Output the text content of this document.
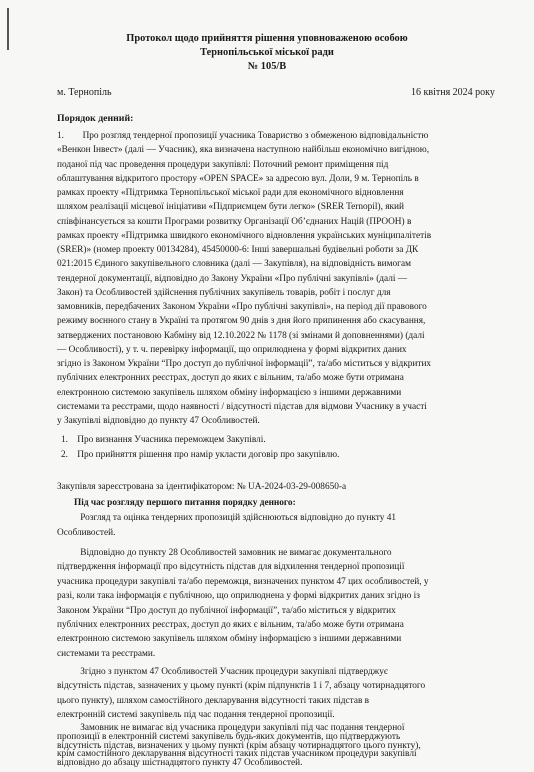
Протокол щодо прийняття рішення уповноваженою особою
Тернопільської міської ради
№ 105/В
м. Тернопіль	16 квітня 2024 року
Порядок денний:
1.        Про розгляд тендерної пропозиції учасника Товариство з обмеженою відповідальністю
«Венкон Інвест» (далі — Учасник), яка визначена наступною найбільш економічно вигідною,
поданої під час проведення процедури закупівлі: Поточний ремонт приміщення під
облаштування відкритого простору «OPEN SPACE» за адресою вул. Доли, 9 м. Тернопіль в
рамках проекту «Підтримка Тернопільської міської ради для економічного відновлення
шляхом реалізації місцевої ініціативи «Підприємцем бути легко» (SRER Ternopil), який
співфінансується за кошти Програми розвитку Організації Об’єднаних Націй (ПРООН) в
рамках проекту «Підтримка швидкого економічного відновлення українських муніципалітетів
(SRER)» (номер проекту 00134284), 45450000-6: Інші завершальні будівельні роботи за ДК
021:2015 Єдиного закупівельного словника (далі — Закупівля), на відповідність вимогам
тендерної документації, відповідно до Закону України «Про публічні закупівлі» (далі —
Закон) та Особливостей здійснення публічних закупівель товарів, робіт і послуг для
замовників, передбачених Законом України «Про публічні закупівлі», на період дії правового
режиму воєнного стану в Україні та протягом 90 днів з дня його припинення або скасування,
затверджених постановою Кабміну від 12.10.2022 № 1178 (зі змінами й доповненнями) (далі
— Особливості), у т. ч. перевірку інформації, що оприлюднена у формі відкритих даних
згідно із Законом України “Про доступ до публічної інформації”, та/або міститься у відкритих
публічних електронних реєстрах, доступ до яких є вільним, та/або може бути отримана
електронною системою закупівель шляхом обміну інформацією з іншими державними
системами та реєстрами, щодо наявності / відсутності підстав для відмови Учаснику в участі
у Закупівлі відповідно до пункту 47 Особливостей.
1.    Про визнання Учасника переможцем Закупівлі.
2.    Про прийняття рішення про намір укласти договір про закупівлю.
Закупівля зареєстрована за ідентифікатором: № UA-2024-03-29-008650-a
Під час розгляду першого питання порядку денного:
Розгляд та оцінка тендерних пропозицій здійснюються відповідно до пункту 41
Особливостей.
Відповідно до пункту 28 Особливостей замовник не вимагає документального
підтвердження інформації про відсутність підстав для відхилення тендерної пропозиції
учасника процедури закупівлі та/або переможця, визначених пунктом 47 цих особливостей, у
разі, коли така інформація є публічною, що оприлюднена у формі відкритих даних згідно із
Законом України “Про доступ до публічної інформації”, та/або міститься у відкритих
публічних електронних реєстрах, доступ до яких є вільним, та/або може бути отримана
електронною системою закупівель шляхом обміну інформацією з іншими державними
системами та реєстрами.
Згідно з пунктом 47 Особливостей Учасник процедури закупівлі підтверджує
відсутність підстав, зазначених у цьому пункті (крім підпунктів 1 і 7, абзацу чотирнадцятого
цього пункту), шляхом самостійного декларування відсутності таких підстав в
електронній системі закупівель під час подання тендерної пропозиції.
Замовник не вимагає від учасника процедури закупівлі під час подання тендерної
пропозиції в електронній системі закупівель будь-яких документів, що підтверджують
відсутність підстав, визначених у цьому пункті (крім абзацу чотирнадцятого цього пункту),
крім самостійного декларування відсутності таких підстав учасником процедури закупівлі
відповідно до абзацу шістнадцятого пункту 47 Особливостей.
